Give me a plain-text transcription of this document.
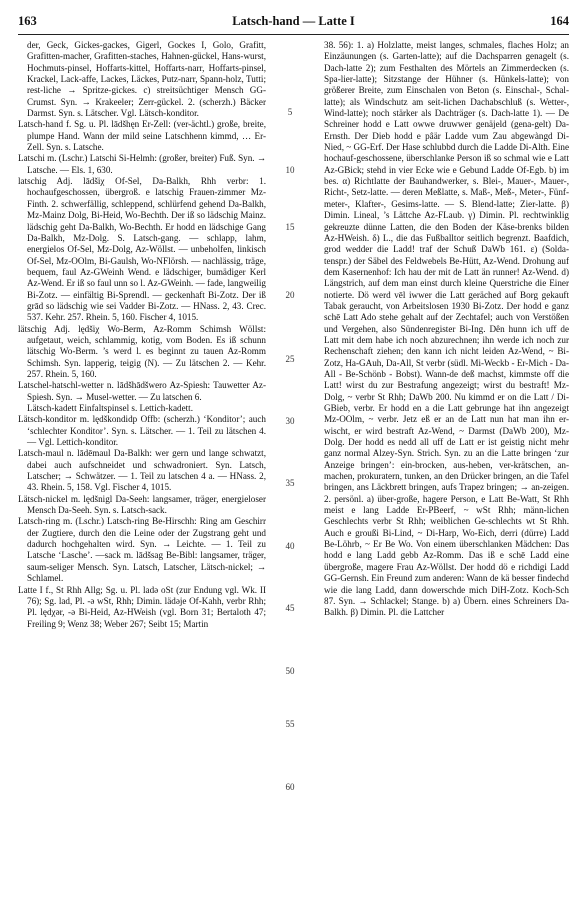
163	Latsch-hand — Latte I	164

der, Geck, Gickes-gackes, Gigerl, Gockes I, Golo, Grafitt, Grafitten-macher, Grafitten-staches, Hahnen-gückel, Hans-wurst, Hochmuts-pinsel, Hoffarts-kittel, Hoffarts-narr, Hoffarts-pinsel, Krackel, Lack-affe, Lackes, Läckes, Putz-narr, Spann-holz, Tutti; rest-liche → Spritze-gickes. c) streitsüchtiger Mensch GG-Crumst. Syn. → Krakeeler; Zerr-gückel. 2. (scherzh.) Bäcker Darmst. Syn. s. Lätscher. Vgl. Lätsch-konditor.

Latsch-hand f. Sg. u. Pl. lādšhęn Er-Zell: (ver-ächtl.) große, breite, plumpe Hand. Wann der mild seine Latschhenn kimmd, … Er-Zell. Syn. s. Latsche.

Latschi m. (Lschr.) Latschi Si-Helmh: (großer, breiter) Fuß. Syn. → Latsche. — Els. 1, 630.

latschig Adj. lādšiχ Of-Sel, Da-Balkh, Rhh verbr: 1. hochaufgeschossen, übergroß. e latschig Frauen-zimmer Mz-Finth. 2. schwerfällig, schleppend, schlürfend gehend Da-Balkh, Mz-Mainz Dolg, Bi-Heid, Wo-Bechth. Der iß so lädschig Mainz. lädschig geht Da-Balkh, Wo-Bechth. Er hodd en lädschige Gang Da-Balkh, Mz-Dolg. S. Latsch-gang. — schlapp, lahm, energielos Of-Sel, Mz-Dolg, Az-Wöllst. — unbeholfen, linkisch Of-Sel, Mz-OOlm, Bi-Gaulsh, Wo-NFlörsh. — nachlässig, träge, bequem, faul Az-GWeinh Wend. e lädschiger, bumädiger Kerl Az-Wend. Er iß so faul unn so l. Az-GWeinh. — fade, langweilig Bi-Zotz. — einfältig Bi-Sprendl. — geckenhaft Bi-Zotz. Der iß grād so lädschig wie sei Vadder Bi-Zotz. — HNass. 2, 43. Crec. 537. Kehr. 257. Rhein. 5, 160. Fischer 4, 1015.

lätschig Adj. lędšiχ Wo-Berm, Az-Romm Schimsh Wöllst: aufgetaut, weich, schlammig, kotig, vom Boden. Es iß schunn lätschig Wo-Berm. ’s werd l. es beginnt zu tauen Az-Romm Schimsh. Syn. lapperig, teigig (N). — Zu lätschen 2. — Kehr. 257. Rhein. 5, 160.

Latschel-hatschl-wetter n. lādšhādšwero Az-Spiesh: Tauwetter Az-Spiesh. Syn. → Musel-wetter. — Zu latschen 6.

Lätsch-kadett Einfaltspinsel s. Lettich-kadett.

Lätsch-konditor m. lędškondidp Offb: (scherzh.) ‘Konditor’; auch ‘schlechter Konditor’. Syn. s. Lätscher. — 1. Teil zu lätschen 4. — Vgl. Lettich-konditor.

Latsch-maul n. lādēmaul Da-Balkh: wer gern und lange schwatzt, dabei auch aufschneidet und schwadroniert. Syn. Latsch, Latscher; → Schwätzer. — 1. Teil zu latschen 4 a. — HNass. 2, 43. Rhein. 5, 158. Vgl. Fischer 4, 1015.

Lätsch-nickel m. lędšnigl Da-Seeh: langsamer, träger, energieloser Mensch Da-Seeh. Syn. s. Latsch-sack.

Latsch-ring m. (Lschr.) Latsch-ring Be-Hirschh: Ring am Geschirr der Zugtiere, durch den die Leine oder der Zugstrang geht und dadurch hochgehalten wird. Syn. → Leichte. — 1. Teil zu Latsche ‘Lasche’. —sack m. lādšsag Be-Bibl: langsamer, träger, saum-seliger Mensch. Syn. Latsch, Latscher, Lätsch-nickel; → Schlamel.

Latte I f., St Rhh Allg; Sg. u. Pl. ladə oSt (zur Endung vgl. Wk. II 76); Sg. lad, Pl. -ə wSt, Rhh; Dimin. lädəje Of-Kahh, verbr Rhh; Pl. lędχər, -ə Bi-Heid, Az-HWeish (vgl. Born 31; Bertaloth 47; Freiling 9; Wenz 38; Weber 267; Seibt 15; Martin

5
10
15
20
25
30
35
40
45
50
55
60

38. 56): 1. a) Holzlatte, meist langes, schmales, flaches Holz; an Einzäunungen (s. Garten-latte); auf die Dachsparren genagelt (s. Dach-latte 2); zum Festhalten des Mörtels an Zimmerdecken (s. Spa-lier-latte); Sitzstange der Hühner (s. Hünkels-latte); von größerer Breite, zum Einschalen von Beton (s. Einschal-, Schal-latte); als Windschutz am seit-lichen Dachabschluß (s. Wetter-, Wind-latte); noch stärker als Dachträger (s. Dach-latte 1). — De Schreiner hodd e Latt owwe druwwer genäjeld (gena-gelt) Da-Ernsth. Der Dieb hodd e pâär Ladde vum Zau abgewàngd Di-Nied, ~ GG-Erf. Der Hase schlubbd durch die Ladde Di-Alth. Eine hochauf-geschossene, überschlanke Person iß so schmal wie e Latt Az-GBick; stehd in vier Ecke wie e Gebund Ladde Of-Egb. b) im bes. α) Richtlatte der Bauhandwerker, s. Blei-, Mauer-, Mauer-, Richt-, Setz-latte. — deren Meßlatte, s. Maß-, Meß-, Meter-, Fünf-meter-, Klafter-, Gesims-latte. — S. Blend-latte; Zier-latte. β) Dimin. Lineal, ’s Lättche Az-FLaub. γ) Dimin. Pl. rechtwinklig gekreuzte dünne Latten, die den Boden der Käse-brenks bilden Az-HWeish. δ) L., die das Fußballtor seitlich begrenzt. Baafdich, grod wedder die Ladd! traf der Schuß DaWb 161. ε) (Solda-tenspr.) der Säbel des Feldwebels Be-Hütt, Az-Wend. Drohung auf dem Kasernenhof: Ich hau der mit de Latt än runner! Az-Wend. d) Längstrich, auf dem man einst durch kleine Querstriche die Einer notierte. Dö werd vēl iwwer die Latt geräched auf Borg gekauft Tabak geraucht, von Arbeitslosen 1930 Bi-Zotz. Der hodd e ganz schē Latt Ado stehe gehalt auf der Zechtafel; auch von Verstößen und Vergehen, also Sündenregister Bi-Ing. Dên hunn ich uff de Latt mit dem habe ich noch abzurechnen; ihn werde ich noch zur Rechenschaft ziehen; den kann ich nicht leiden Az-Wend, ~ Bi-Zotz, Ha-GAuh, Da-All, St verbr (südl. Mi-Weckb - Er-Mich - Da-All - Be-Schönb - Bobst). Wann-de deß machst, kimmste off die Latt! wirst du zur Bestrafung angezeigt; wirst du bestraft! Mz-Dolg, ~ verbr St Rhh; DaWb 200. Nu kimmd er on die Latt / Di-GBieb, verbr. Er hodd en a die Latt gebrunge hat ihn angezeigt Mz-OOlm, ~ verbr. Jetz eß er an de Latt nun hat man ihn er-wischt, er wird bestraft Az-Wend, ~ Darmst (DaWb 200), Mz-Dolg. Der hodd es nedd all uff de Latt er ist geistig nicht mehr ganz normal Alzey-Syn. Strich. Syn. zu an die Latte bringen ‘zur Anzeige bringen’: ein-brocken, aus-heben, ver-krätschen, an-machen, prokuratern, tunken, an den Drücker bringen, an die Tafel bringen, ans Läckbrett bringen, aufs Trapez bringen; → an-zeigen. 2. persönl. a) über-große, hagere Person, e Latt Be-Watt, St Rhh meist e lang Ladde Er-PBeerf, ~ wSt Rhh; männ-lichen Geschlechts verbr St Rhh; weiblichen Ge-schlechts wt St Rhh. Auch e groußi Bi-Lind, ~ Di-Harp, Wo-Eich, derri (dürre) Ladd Be-Löhrb, ~ Er Be Wo. Von einem überschlanken Mädchen: Das hodd e lang Ladd gebb Az-Romm. Das iß e schē Ladd eine übergroße, magere Frau Az-Wöllst. Der hodd dö e richdigi Ladd GG-Gernsh. Ein Freund zum anderen: Wann de kä besser findechd wie die lang Ladd, dann dowerschde mich DiH-Zotz. Koch-Sch 87. Syn. → Schlackel; Stange. b) a) Übern. eines Schreiners Da-Balkh. β) Dimin. Pl. die Lattcher
